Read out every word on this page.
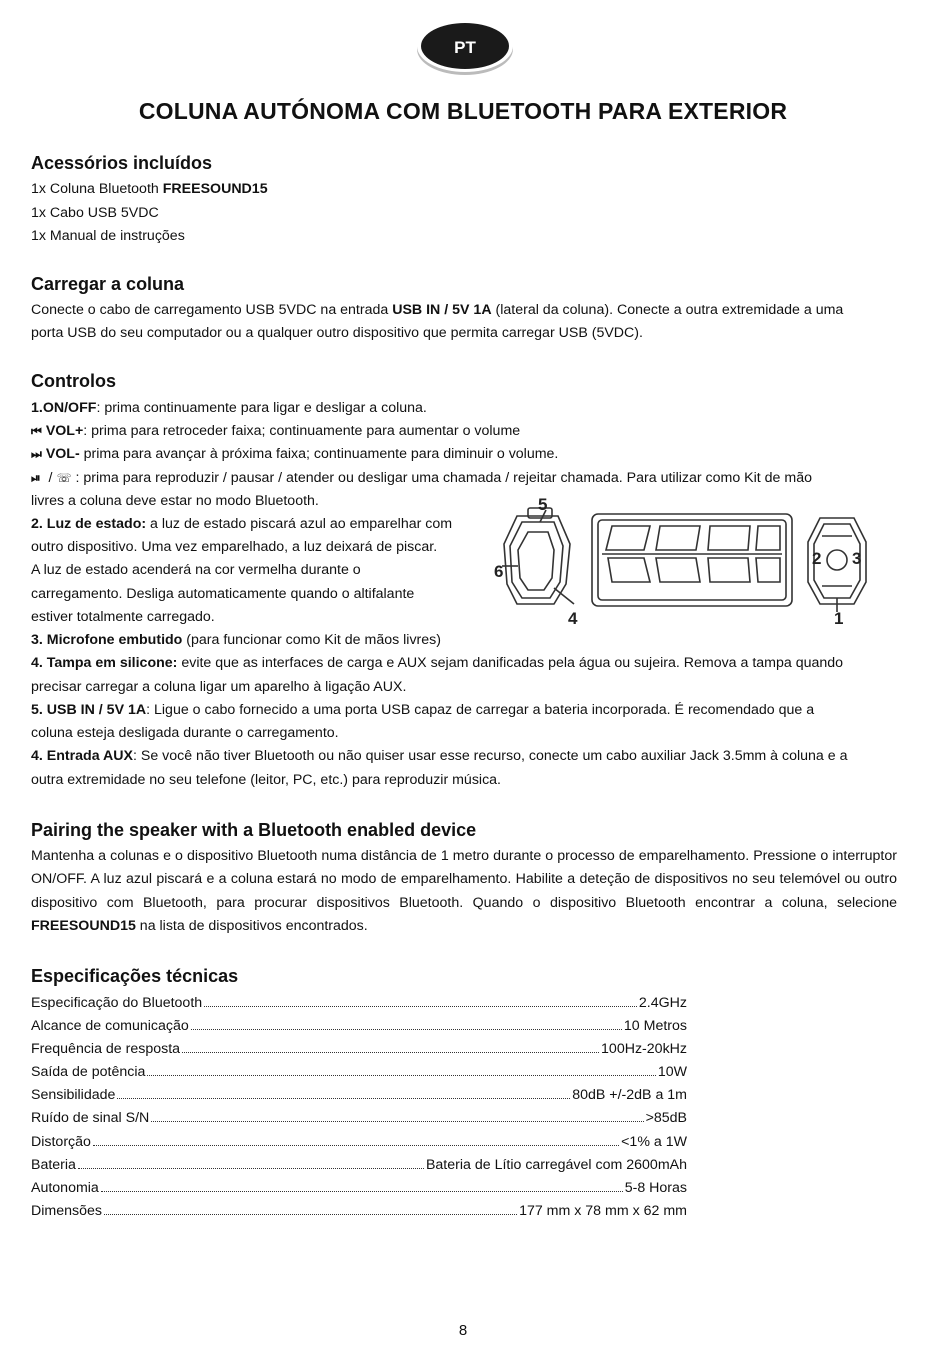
PT
COLUNA AUTÓNOMA COM BLUETOOTH PARA EXTERIOR
Acessórios incluídos
1x Coluna Bluetooth FREESOUND15
1x Cabo USB 5VDC
1x Manual de instruções
Carregar a coluna
Conecte o cabo de carregamento USB 5VDC na entrada USB IN / 5V 1A (lateral da coluna). Conecte a outra extremidade a uma
porta USB do seu computador ou a qualquer outro dispositivo que permita carregar USB (5VDC).
Controlos
1.ON/OFF: prima continuamente para ligar e desligar a coluna.
⏮ VOL+: prima para retroceder faixa; continuamente para aumentar o volume
⏭ VOL- prima para avançar à próxima faixa; continuamente para diminuir o volume.
⏯ / ☏ : prima para reproduzir / pausar / atender ou desligar uma chamada / rejeitar chamada. Para utilizar como Kit de mão
livres a coluna deve estar no modo Bluetooth.
2. Luz de estado: a luz de estado piscará azul ao emparelhar com
outro dispositivo. Uma vez emparelhado, a luz deixará de piscar.
A luz de estado acenderá na cor vermelha durante o
carregamento. Desliga automaticamente quando o altifalante
estiver totalmente carregado.
3. Microfone embutido (para funcionar como Kit de mãos livres)
4. Tampa em silicone: evite que as interfaces de carga e AUX sejam danificadas pela água ou sujeira. Remova a tampa quando
precisar carregar a coluna ligar um aparelho à ligação AUX.
5. USB IN / 5V 1A: Ligue o cabo fornecido a uma porta USB capaz de carregar a bateria incorporada. É recomendado que a
coluna esteja desligada durante o carregamento.
4. Entrada AUX: Se você não tiver Bluetooth ou não quiser usar esse recurso, conecte um cabo auxiliar Jack 3.5mm à coluna e a
outra extremidade no seu telefone (leitor, PC, etc.) para reproduzir música.
Pairing the speaker with a Bluetooth enabled device
Mantenha a colunas e o dispositivo Bluetooth numa distância de 1 metro durante o processo de emparelhamento. Pressione o interruptor ON/OFF. A luz azul piscará e a coluna estará no modo de emparelhamento. Habilite a deteção de dispositivos no seu telemóvel ou outro dispositivo com Bluetooth, para procurar dispositivos Bluetooth. Quando o dispositivo Bluetooth encontrar a coluna, selecione FREESOUND15 na lista de dispositivos encontrados.
Especificações técnicas
Especificação do Bluetooth	2.4GHz
Alcance de comunicação	10 Metros
Frequência de resposta	100Hz-20kHz
Saída de potência	10W
Sensibilidade	80dB +/-2dB a 1m
Ruído de sinal S/N	>85dB
Distorção	<1% a 1W
Bateria	Bateria de Lítio carregável com 2600mAh
Autonomia	5-8 Horas
Dimensões	177 mm x 78 mm x 62 mm
5
6
4
2 3
1
8
